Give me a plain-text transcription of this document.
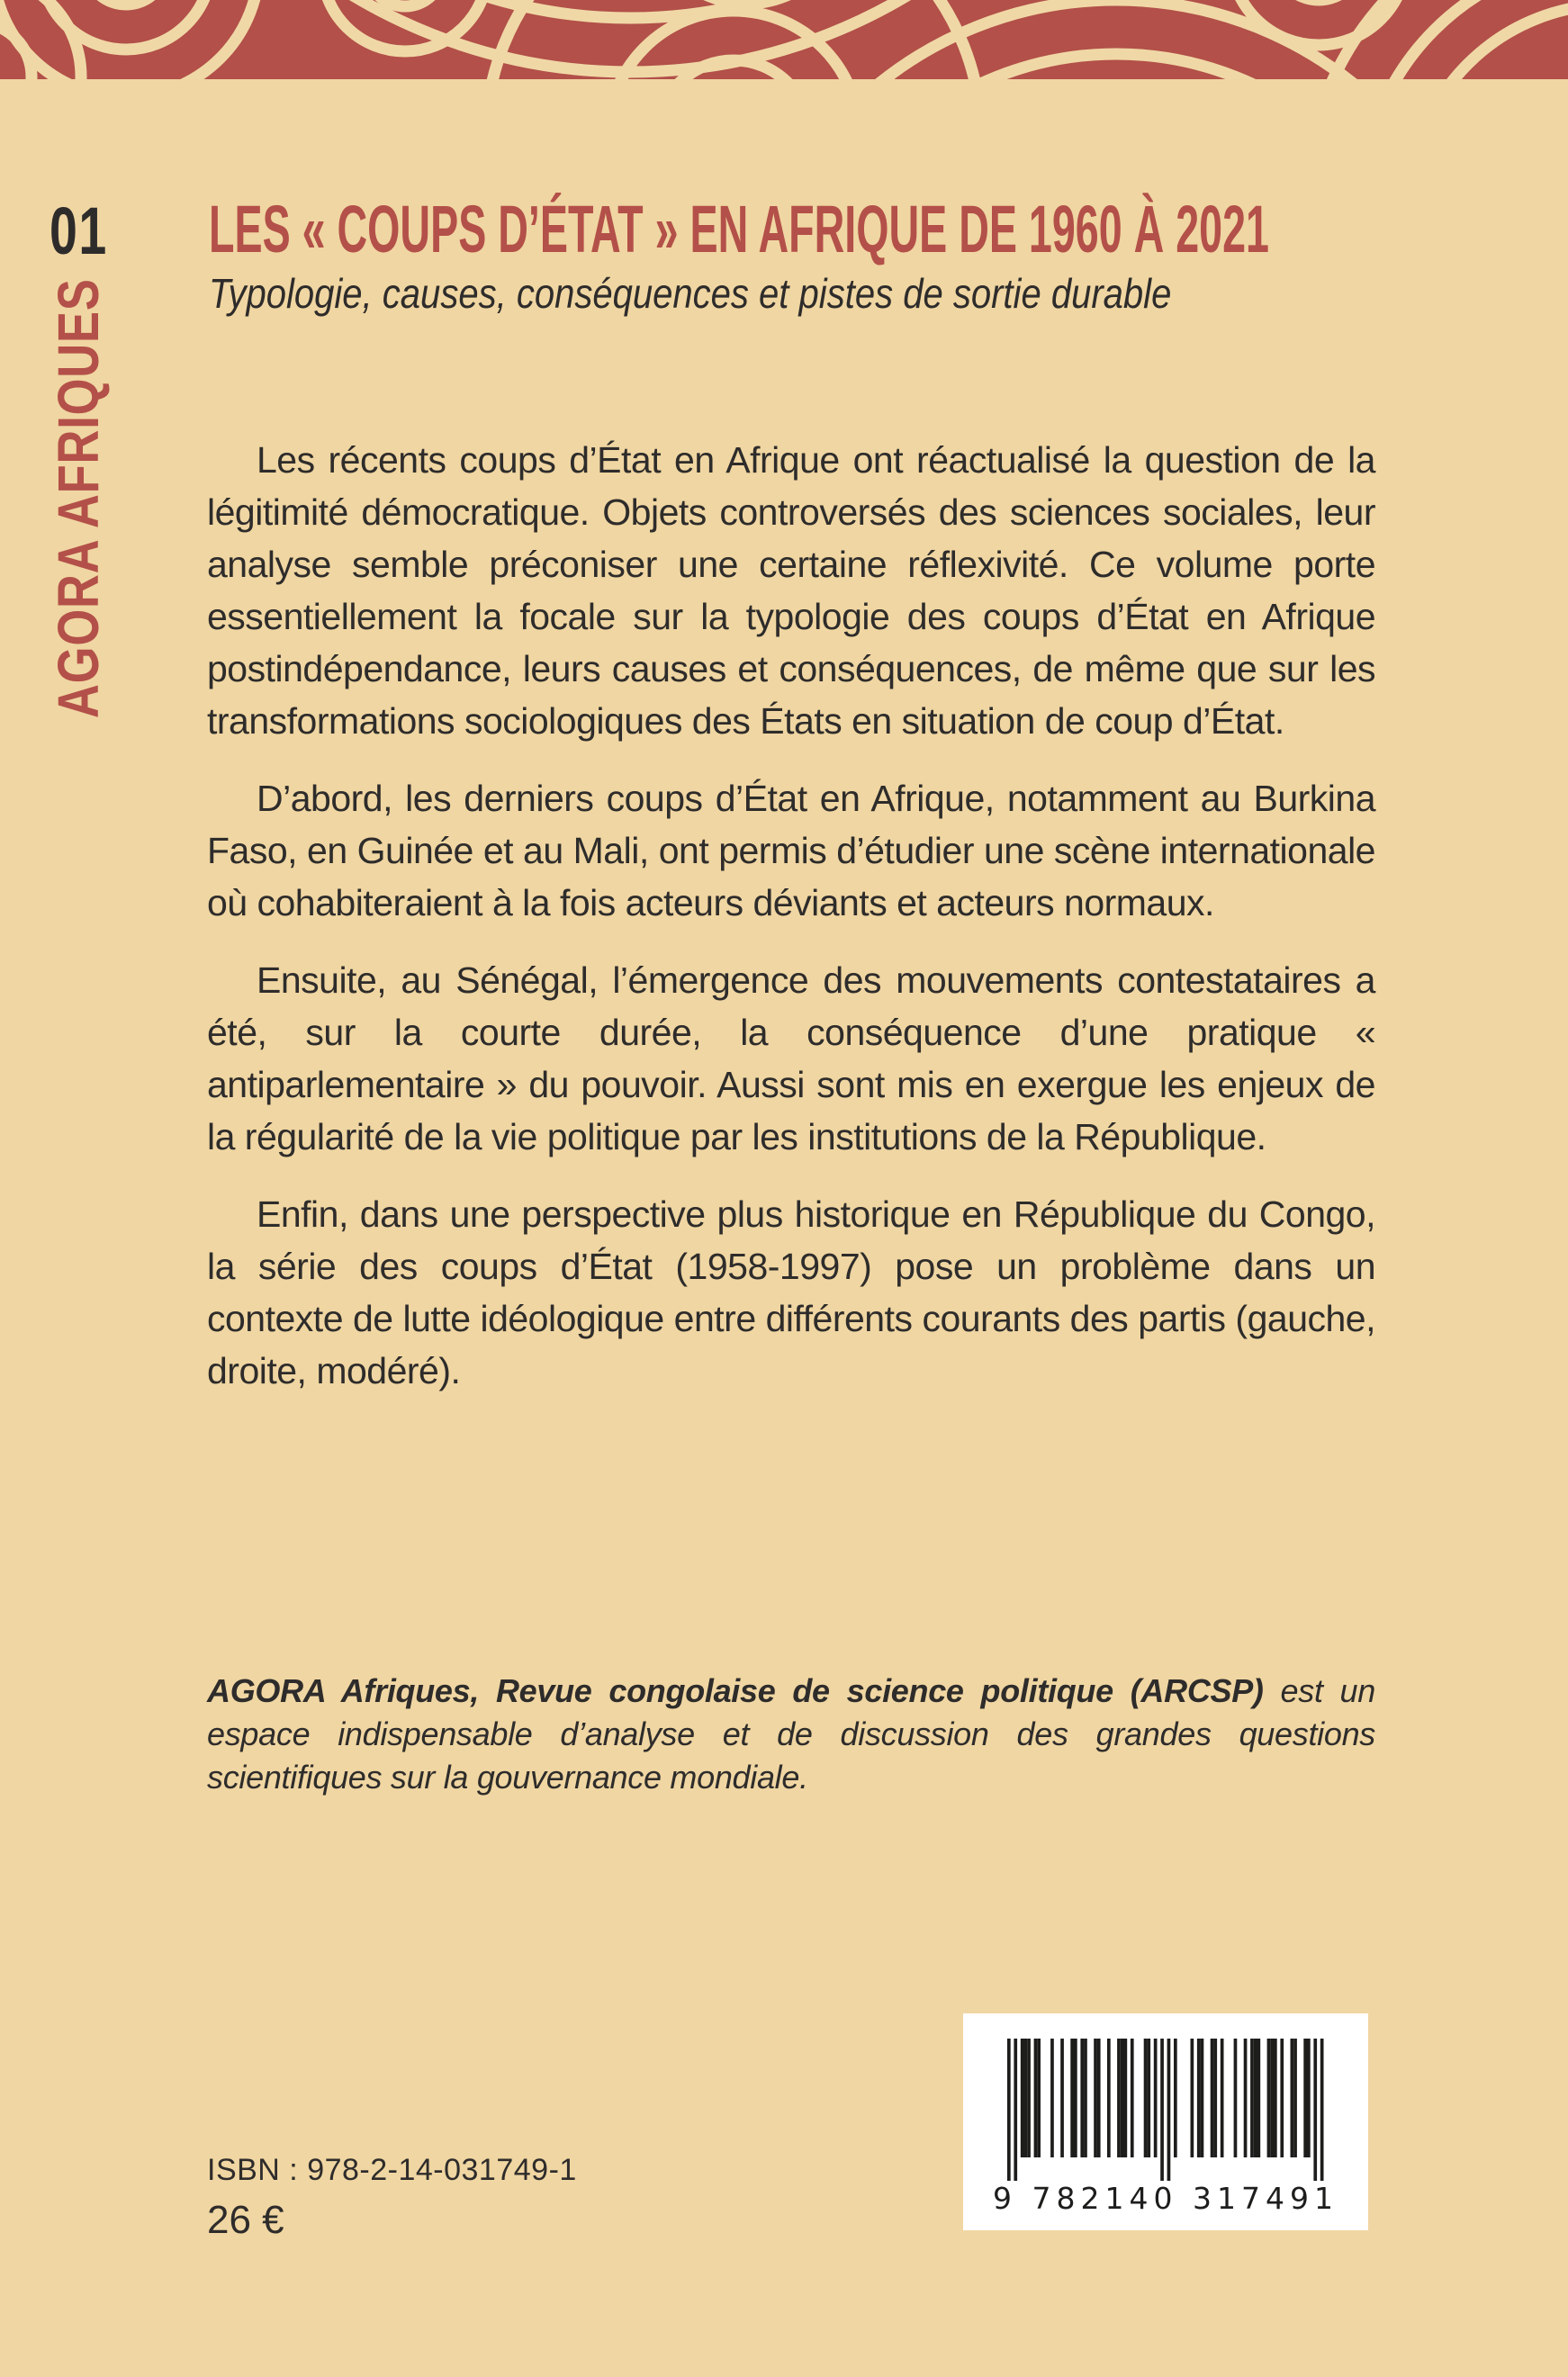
01
AGORA AFRIQUES
LES « COUPS D’ÉTAT » EN AFRIQUE DE 1960 À 2021
Typologie, causes, conséquences et pistes de sortie durable

Les récents coups d’État en Afrique ont réactualisé la question de la légitimité démocratique. Objets controversés des sciences sociales, leur analyse semble préconiser une certaine réflexivité. Ce volume porte essentiellement la focale sur la typologie des coups d’État en Afrique postindépendance, leurs causes et conséquences, de même que sur les transformations sociologiques des États en situation de coup d’État.

D’abord, les derniers coups d’État en Afrique, notamment au Burkina Faso, en Guinée et au Mali, ont permis d’étudier une scène internationale où cohabiteraient à la fois acteurs déviants et acteurs normaux.

Ensuite, au Sénégal, l’émergence des mouvements contestataires a été, sur la courte durée, la conséquence d’une pratique « antiparlementaire » du pouvoir. Aussi sont mis en exergue les enjeux de la régularité de la vie politique par les institutions de la République.

Enfin, dans une perspective plus historique en République du Congo, la série des coups d’État (1958-1997) pose un problème dans un contexte de lutte idéologique entre différents courants des partis (gauche, droite, modéré).

AGORA Afriques, Revue congolaise de science politique (ARCSP) est un espace indispensable d’analyse et de discussion des grandes questions scientifiques sur la gouvernance mondiale.

ISBN : 978-2-14-031749-1
26 €	9 782140 317491
